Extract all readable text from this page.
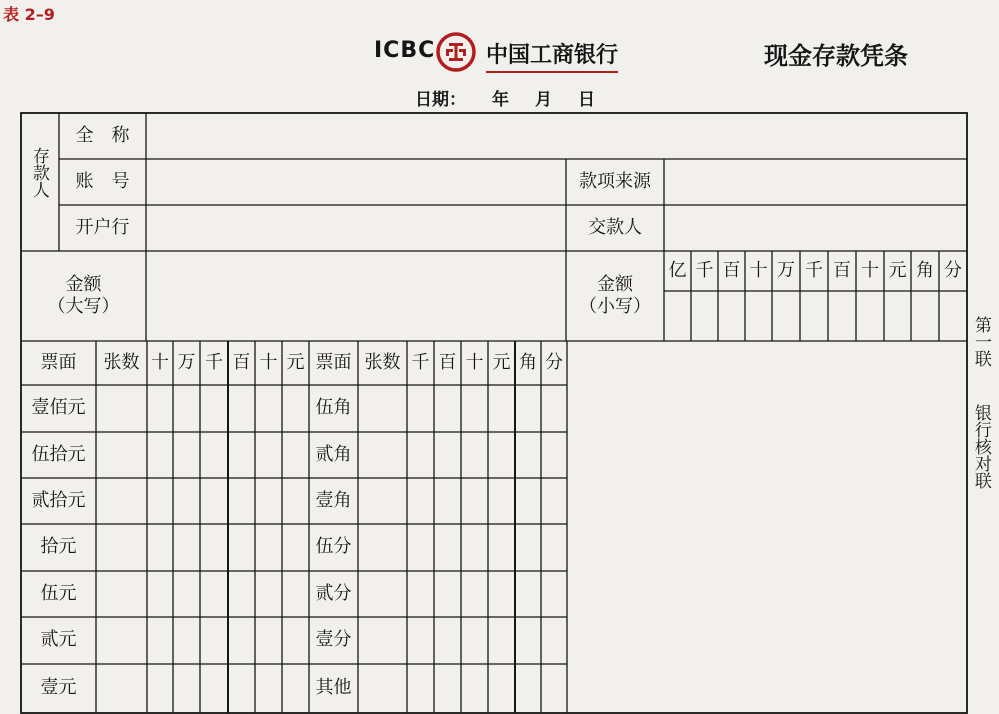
表 2–9
ICBC 中国工商银行	现金存款凭条
日期： 年 月 日
存款人
全　称
账　号
开户行
款项来源
交款人
金额
（大写）
金额
（小写）
亿 千 百 十 万 千 百 十 元 角 分
票面	张数 十 万 千 百 十 元 票面 张数 千 百 十 元 角 分
壹佰元
伍拾元
贰拾元
拾元
伍元
贰元
壹元
伍角
贰角
壹角
伍分
贰分
壹分
其他
第一联
银行核对联
